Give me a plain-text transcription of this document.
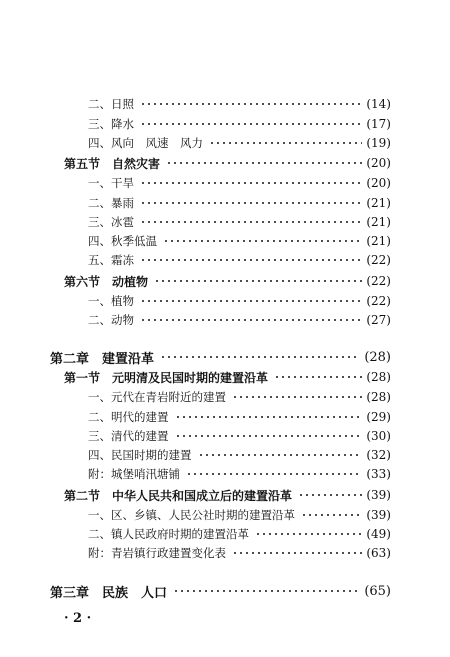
二、日照	(14)
三、降水	(17)
四、风向　风速　风力	(19)
第五节　自然灾害	(20)
一、干旱	(20)
二、暴雨	(21)
三、冰雹	(21)
四、秋季低温	(21)
五、霜冻	(22)
第六节　动植物	(22)
一、植物	(22)
二、动物	(27)
第二章　建置沿革	(28)
第一节　元明清及民国时期的建置沿革	(28)
一、元代在青岩附近的建置	(28)
二、明代的建置	(29)
三、清代的建置	(30)
四、民国时期的建置	(32)
附：城堡哨汛塘铺	(33)
第二节　中华人民共和国成立后的建置沿革	(39)
一、区、乡镇、人民公社时期的建置沿革	(39)
二、镇人民政府时期的建置沿革	(49)
附：青岩镇行政建置变化表	(63)
第三章　民族　人口	(65)
· 2 ·
